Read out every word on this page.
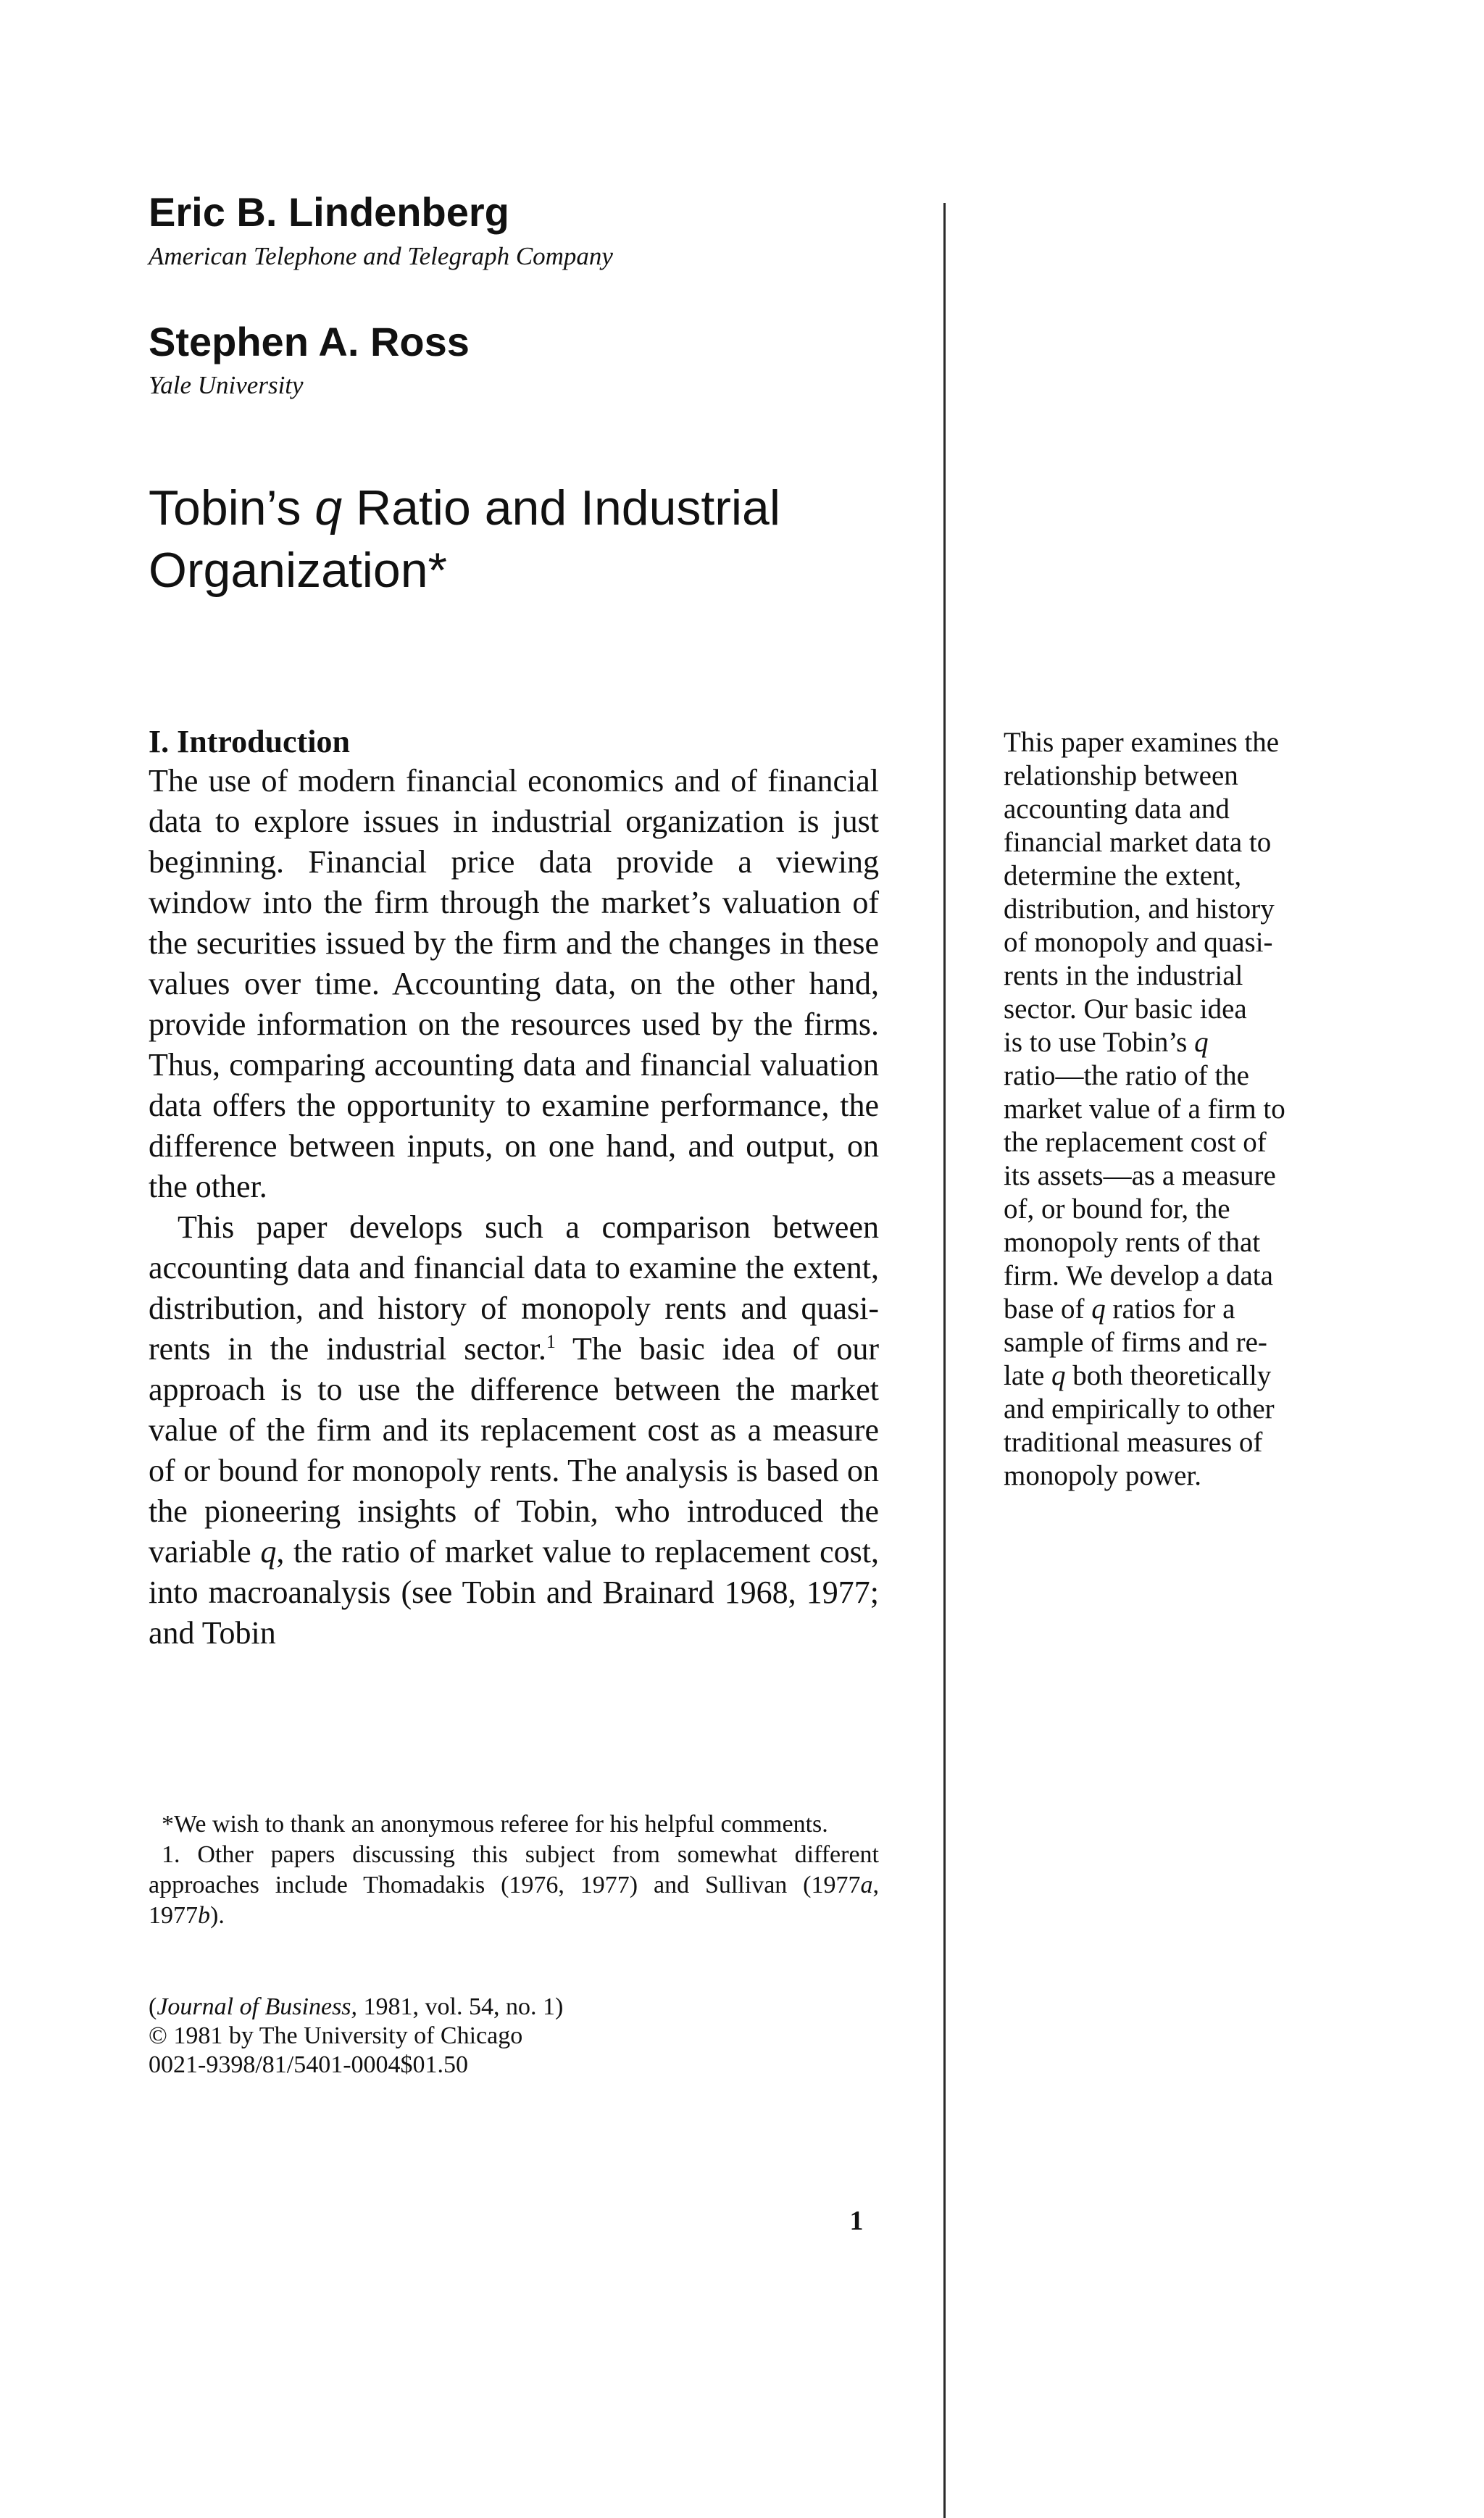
Eric B. Lindenberg
American Telephone and Telegraph Company
Stephen A. Ross
Yale University
Tobin’s q Ratio and Industrial
Organization*
I. Introduction

The use of modern financial economics and of financial data to explore issues in industrial organization is just beginning. Financial price data provide a viewing window into the firm through the market’s valuation of the securities issued by the firm and the changes in these values over time. Accounting data, on the other hand, provide information on the resources used by the firms. Thus, comparing accounting data and financial valuation data offers the opportunity to examine performance, the difference between inputs, on one hand, and output, on the other.

This paper develops such a comparison between accounting data and financial data to examine the extent, distribution, and history of monopoly rents and quasi-rents in the industrial sector.$^1$ The basic idea of our approach is to use the difference between the market value of the firm and its replacement cost as a measure of or bound for monopoly rents. The analysis is based on the pioneering insights of Tobin, who introduced the variable q, the ratio of market value to replacement cost, into macroanalysis (see Tobin and Brainard 1968, 1977; and Tobin

This paper examines the
relationship between
accounting data and
financial market data to
determine the extent,
distribution, and history
of monopoly and quasi-
rents in the industrial
sector. Our basic idea
is to use Tobin’s q
ratio—the ratio of the
market value of a firm to
the replacement cost of
its assets—as a measure
of, or bound for, the
monopoly rents of that
firm. We develop a data
base of q ratios for a
sample of firms and re-
late q both theoretically
and empirically to other
traditional measures of
monopoly power.

*We wish to thank an anonymous referee for his helpful comments.

1. Other papers discussing this subject from somewhat different approaches include Thomadakis (1976, 1977) and Sullivan (1977a, 1977b).

(Journal of Business, 1981, vol. 54, no. 1)
© 1981 by The University of Chicago
0021-9398/81/5401-0004$01.50
1
